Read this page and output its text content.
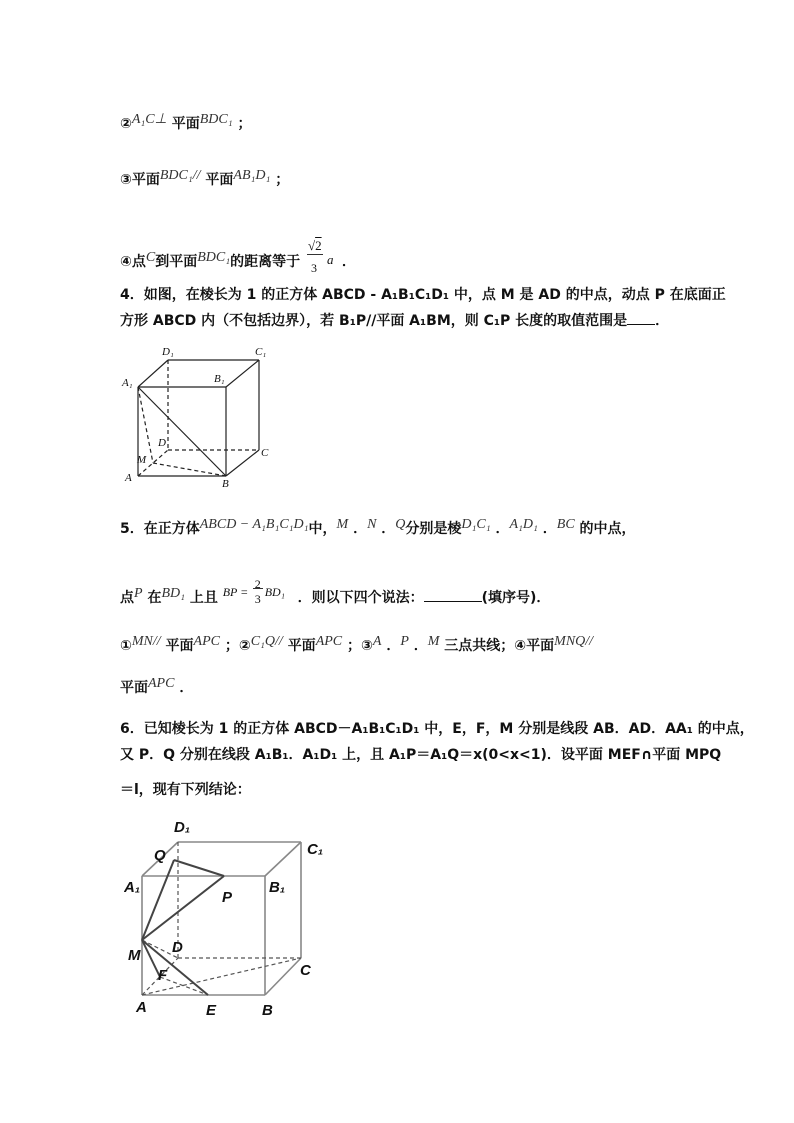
②A₁C⊥ 平面BDC₁ ；
③平面BDC₁// 平面AB₁D₁ ；
④点C到平面BDC₁的距离等于
√2
3
a ．
4．如图，在棱长为 1 的正方体 ABCD - A₁B₁C₁D₁ 中，点 M 是 AD 的中点，动点 P 在底面正
方形 ABCD 内（不包括边界），若 B₁P//平面 A₁BM，则 C₁P 长度的取值范围是 ．
D₁	C₁
A₁	B₁
D
M
C
A	B
5．在正方体ABCD − A₁B₁C₁D₁中，M ．N ．Q分别是棱D₁C₁ ．A₁D₁ ．BC 的中点，
点P 在BD₁ 上且 BP =
2
3 BD₁ ．则以下四个说法：	(填序号)．
①MN// 平面APC ；②C₁Q// 平面APC ；③A ．P ．M 三点共线；④平面MNQ//
平面APC ．
6．已知棱长为 1 的正方体 ABCD－A₁B₁C₁D₁ 中，E，F，M 分别是线段 AB．AD．AA₁ 的中点，
又 P．Q 分别在线段 A₁B₁．A₁D₁ 上，且 A₁P＝A₁Q＝x(0<x<1)．设平面 MEF∩平面 MPQ
＝l，现有下列结论：
D₁
C₁
Q
A₁
P
B₁
M D
C
F
A	E	B
